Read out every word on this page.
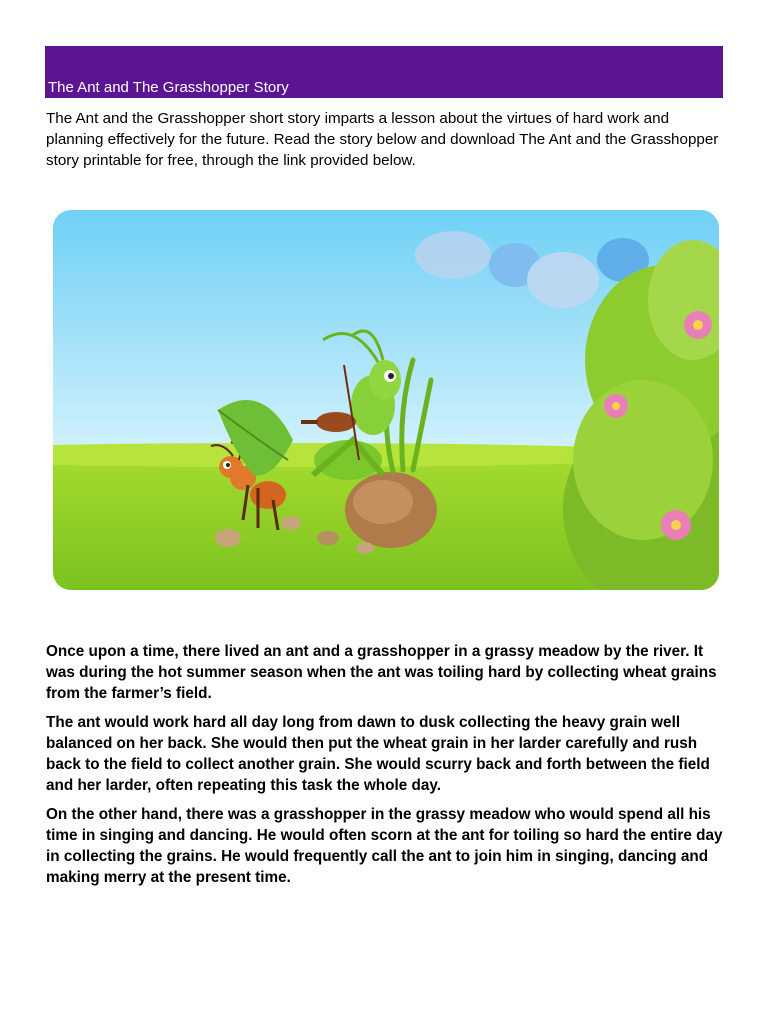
The Ant and The Grasshopper Story

The Ant and the Grasshopper short story imparts a lesson about the virtues of hard work and planning effectively for the future. Read the story below and download The Ant and the Grasshopper story printable for free, through the link provided below.

Once upon a time, there lived an ant and a grasshopper in a grassy meadow by the river. It was during the hot summer season when the ant was toiling hard by collecting wheat grains from the farmer’s field.

The ant would work hard all day long from dawn to dusk collecting the heavy grain well balanced on her back. She would then put the wheat grain in her larder carefully and rush back to the field to collect another grain. She would scurry back and forth between the field and her larder, often repeating this task the whole day.

On the other hand, there was a grasshopper in the grassy meadow who would spend all his time in singing and dancing. He would often scorn at the ant for toiling so hard the entire day in collecting the grains. He would frequently call the ant to join him in singing, dancing and making merry at the present time.
